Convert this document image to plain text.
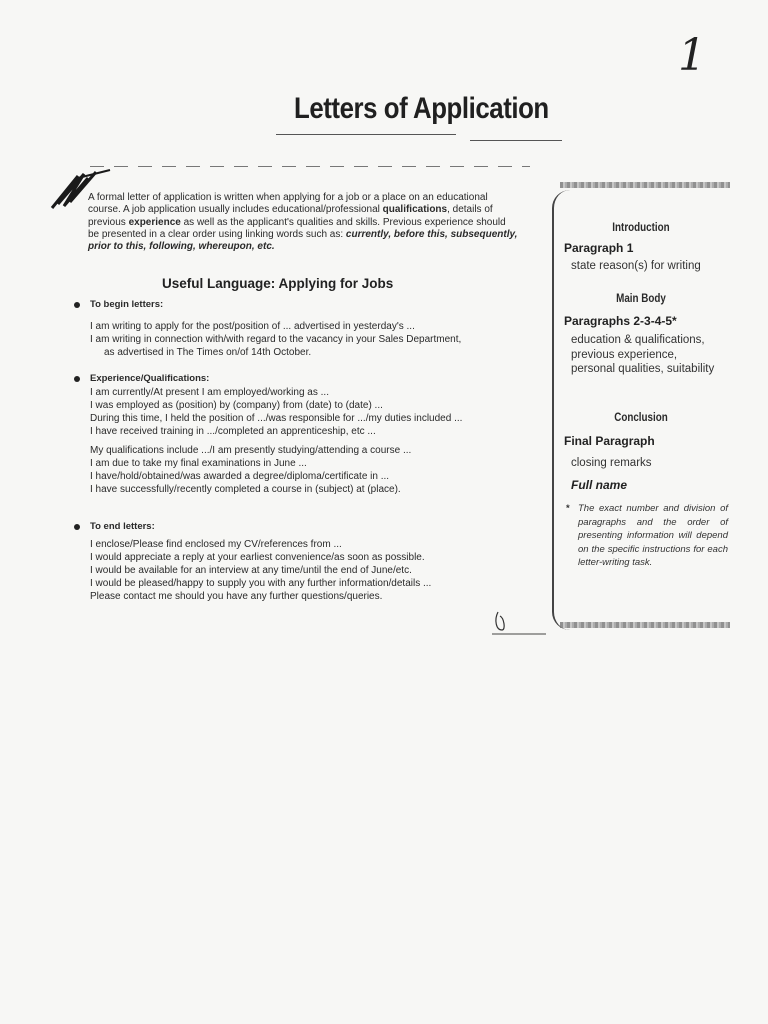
1
Letters of Application
A formal letter of application is written when applying for a job or a place on an educational course. A job application usually includes educational/professional qualifications, details of previous experience as well as the applicant's qualities and skills. Previous experience should be presented in a clear order using linking words such as: currently, before this, subsequently, prior to this, following, whereupon, etc.
Useful Language: Applying for Jobs
To begin letters:
I am writing to apply for the post/position of ... advertised in yesterday's ...
I am writing in connection with/with regard to the vacancy in your Sales Department,
as advertised in The Times on/of 14th October.
Experience/Qualifications:
I am currently/At present I am employed/working as ...
I was employed as (position) by (company) from (date) to (date) ...
During this time, I held the position of .../was responsible for .../my duties included ...
I have received training in .../completed an apprenticeship, etc ...
My qualifications include .../I am presently studying/attending a course ...
I am due to take my final examinations in June ...
I have/hold/obtained/was awarded a degree/diploma/certificate in ...
I have successfully/recently completed a course in (subject) at (place).
To end letters:
I enclose/Please find enclosed my CV/references from ...
I would appreciate a reply at your earliest convenience/as soon as possible.
I would be available for an interview at any time/until the end of June/etc.
I would be pleased/happy to supply you with any further information/details ...
Please contact me should you have any further questions/queries.
Introduction
Paragraph 1
state reason(s) for writing
Main Body
Paragraphs 2-3-4-5*
education & qualifications, previous experience, personal qualities, suitability
Conclusion
Final Paragraph
closing remarks
Full name
* The exact number and division of paragraphs and the order of presenting information will depend on the specific instructions for each letter-writing task.
